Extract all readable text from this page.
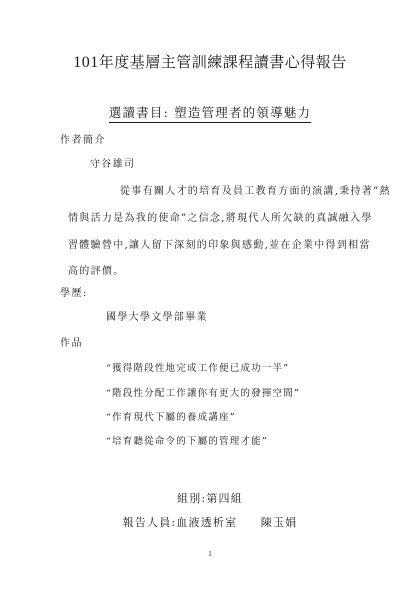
101年度基層主管訓練課程讀書心得報告
選讀書目: 塑造管理者的領導魅力
作者簡介
守谷雄司
從事有關人才的培育及員工教育方面的演講,秉持著”熱
情與活力是為我的使命”之信念,將現代人所欠缺的真誠融入學
習體驗營中,讓人留下深刻的印象與感動,並在企業中得到相當
高的評價。
學歷:
國學大學文學部畢業
作品
“獲得階段性地完成工作便已成功一半”
“階段性分配工作讓你有更大的發揮空間”
“作育現代下屬的養成講座”
“培育聽從命令的下屬的管理才能”
組別:第四組
報告人員:血液透析室     陳玉娟
1
